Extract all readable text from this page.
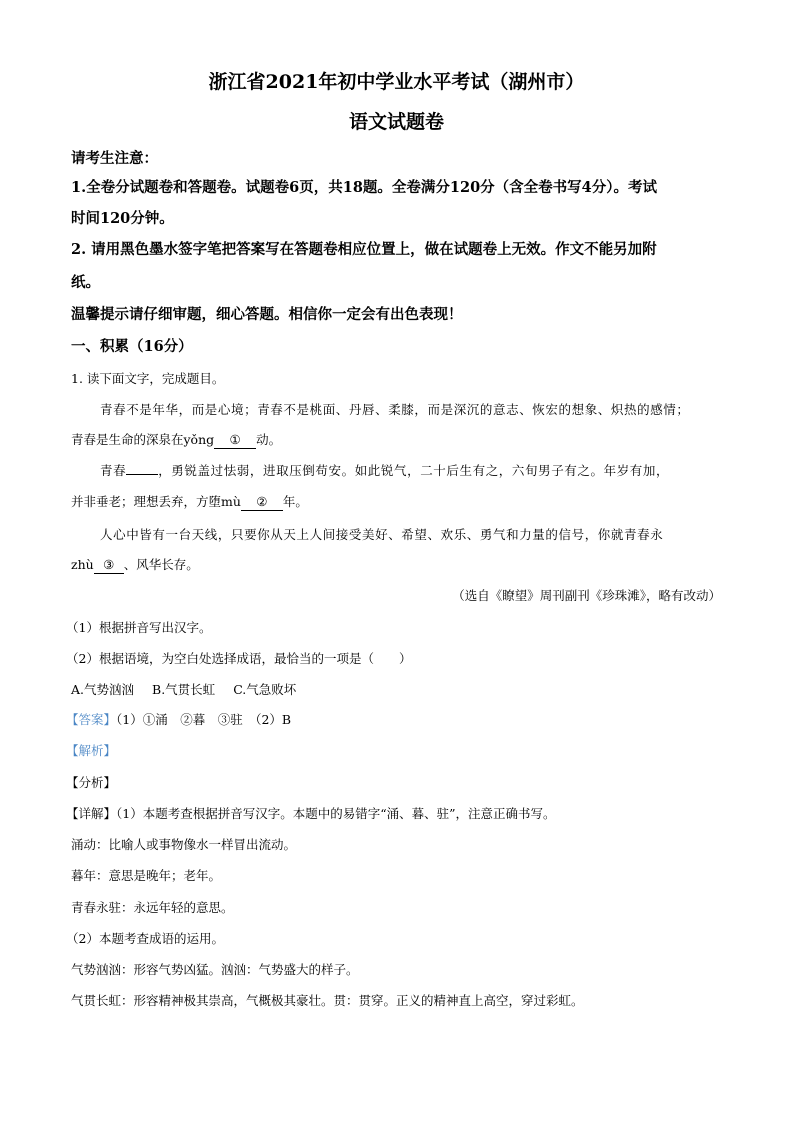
浙江省2021年初中学业水平考试（湖州市）
语文试题卷
请考生注意：
1.全卷分试题卷和答题卷。试题卷6页，共18题。全卷满分120分（含全卷书写4分）。考试
时间120分钟。
2. 请用黑色墨水签字笔把答案写在答题卷相应位置上，做在试题卷上无效。作文不能另加附
纸。
温馨提示请仔细审题，细心答题。相信你一定会有出色表现！
一、积累（16分）
1. 读下面文字，完成题目。
青春不是年华，而是心境；青春不是桃面、丹唇、柔膝，而是深沉的意志、恢宏的想象、炽热的感情；
青春是生命的深泉在yǒng ① 动。
青春	，勇锐盖过怯弱，进取压倒苟安。如此锐气，二十后生有之，六旬男子有之。年岁有加，
并非垂老；理想丢弃，方堕mù ② 年。
人心中皆有一台天线，只要你从天上人间接受美好、希望、欢乐、勇气和力量的信号，你就青春永
zhù ③ 、风华长存。
（选自《瞭望》周刊副刊《珍珠滩》，略有改动）
（1）根据拼音写出汉字。
（2）根据语境，为空白处选择成语，最恰当的一项是（　　）
A.气势汹汹 B.气贯长虹 C.气急败坏
【答案】（1）①涌　②暮　③驻　（2）B
【解析】
【分析】
【详解】（1）本题考查根据拼音写汉字。本题中的易错字“涌、暮、驻”，注意正确书写。
涌动：比喻人或事物像水一样冒出流动。
暮年：意思是晚年；老年。
青春永驻：永远年轻的意思。
（2）本题考查成语的运用。
气势汹汹：形容气势凶猛。汹汹：气势盛大的样子。
气贯长虹：形容精神极其崇高，气概极其豪壮。贯：贯穿。正义的精神直上高空，穿过彩虹。
